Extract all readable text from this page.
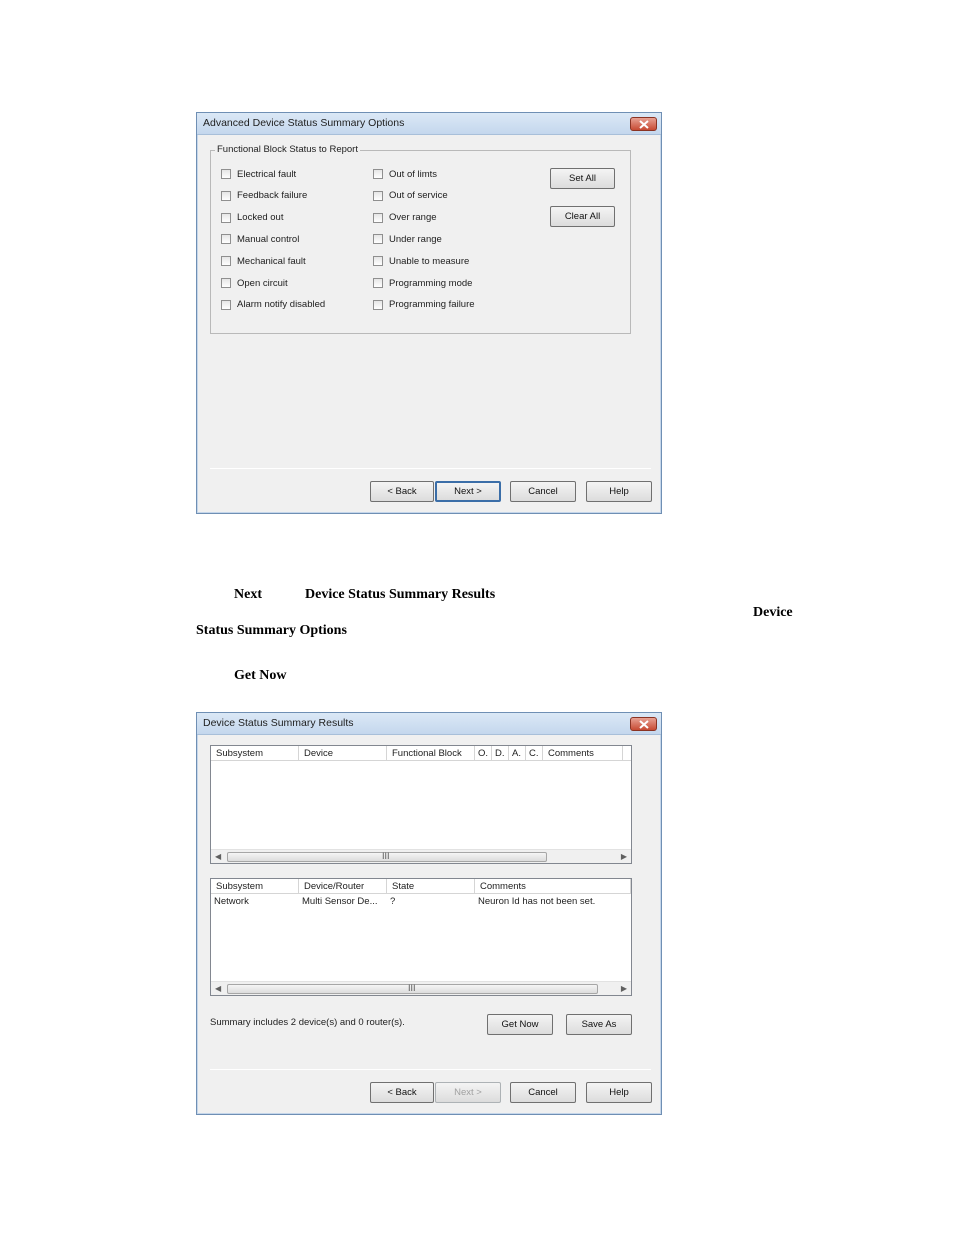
Advanced Device Status Summary Options
Functional Block Status to Report
Electrical fault
Feedback failure
Locked out
Manual control
Mechanical fault
Open circuit
Alarm notify disabled
Out of limts
Out of service
Over range
Under range
Unable to measure
Programming mode
Programming failure
Set All
Clear All
< Back	Next >	Cancel	Help
Next	Device Status Summary Results
Device
Status Summary Options
Get Now
Device Status Summary Results
Subsystem	Device	Functional Block	O. D. A. C.	Comments
◀	III	▶
Subsystem	Device/Router	State	Comments
Network	Multi Sensor De...	?	Neuron Id has not been set.
◀	III	▶
Summary includes 2 device(s) and 0 router(s).	Get Now	Save As
< Back	Next >	Cancel	Help
